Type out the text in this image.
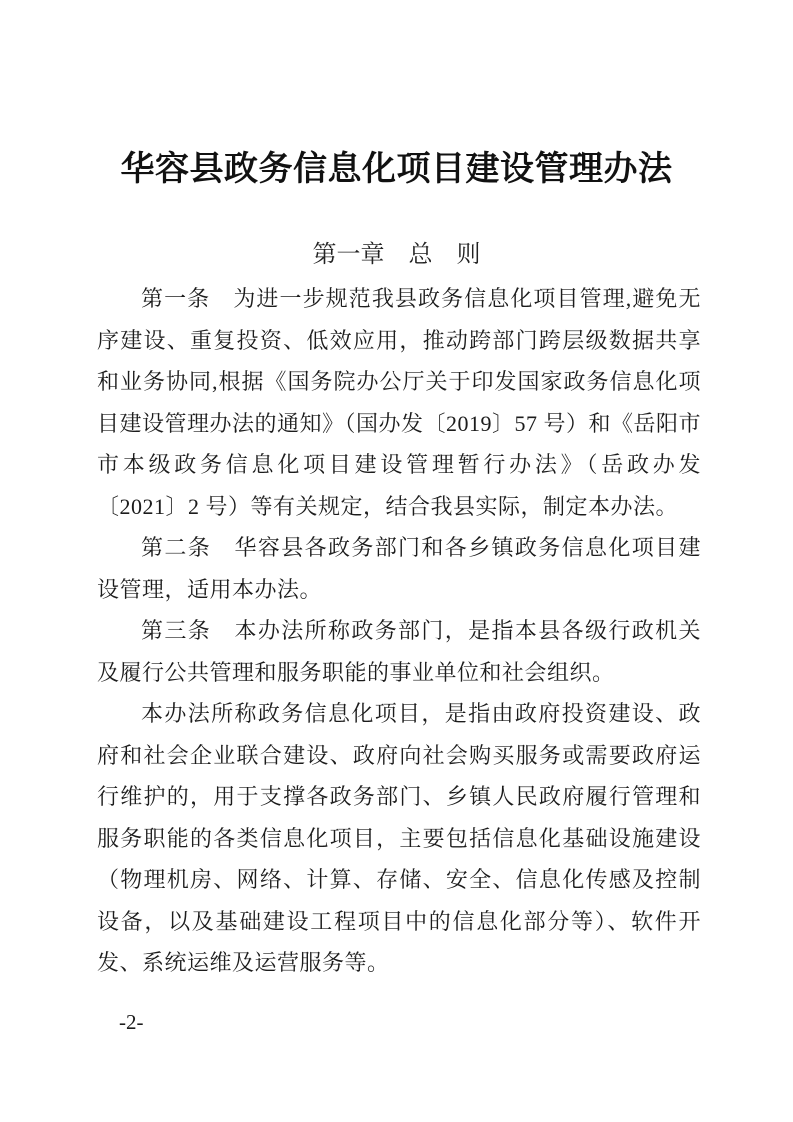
华容县政务信息化项目建设管理办法
第一章　总　则

第一条　为进一步规范我县政务信息化项目管理,避免无序建设、重复投资、低效应用，推动跨部门跨层级数据共享和业务协同,根据《国务院办公厅关于印发国家政务信息化项目建设管理办法的通知》（国办发〔2019〕57 号）和《岳阳市市本级政务信息化项目建设管理暂行办法》（岳政办发〔2021〕2 号）等有关规定，结合我县实际，制定本办法。

第二条　华容县各政务部门和各乡镇政务信息化项目建设管理，适用本办法。

第三条　本办法所称政务部门，是指本县各级行政机关及履行公共管理和服务职能的事业单位和社会组织。

本办法所称政务信息化项目，是指由政府投资建设、政府和社会企业联合建设、政府向社会购买服务或需要政府运行维护的，用于支撑各政务部门、乡镇人民政府履行管理和服务职能的各类信息化项目，主要包括信息化基础设施建设（物理机房、网络、计算、存储、安全、信息化传感及控制设备，以及基础建设工程项目中的信息化部分等）、软件开发、系统运维及运营服务等。

-2-
